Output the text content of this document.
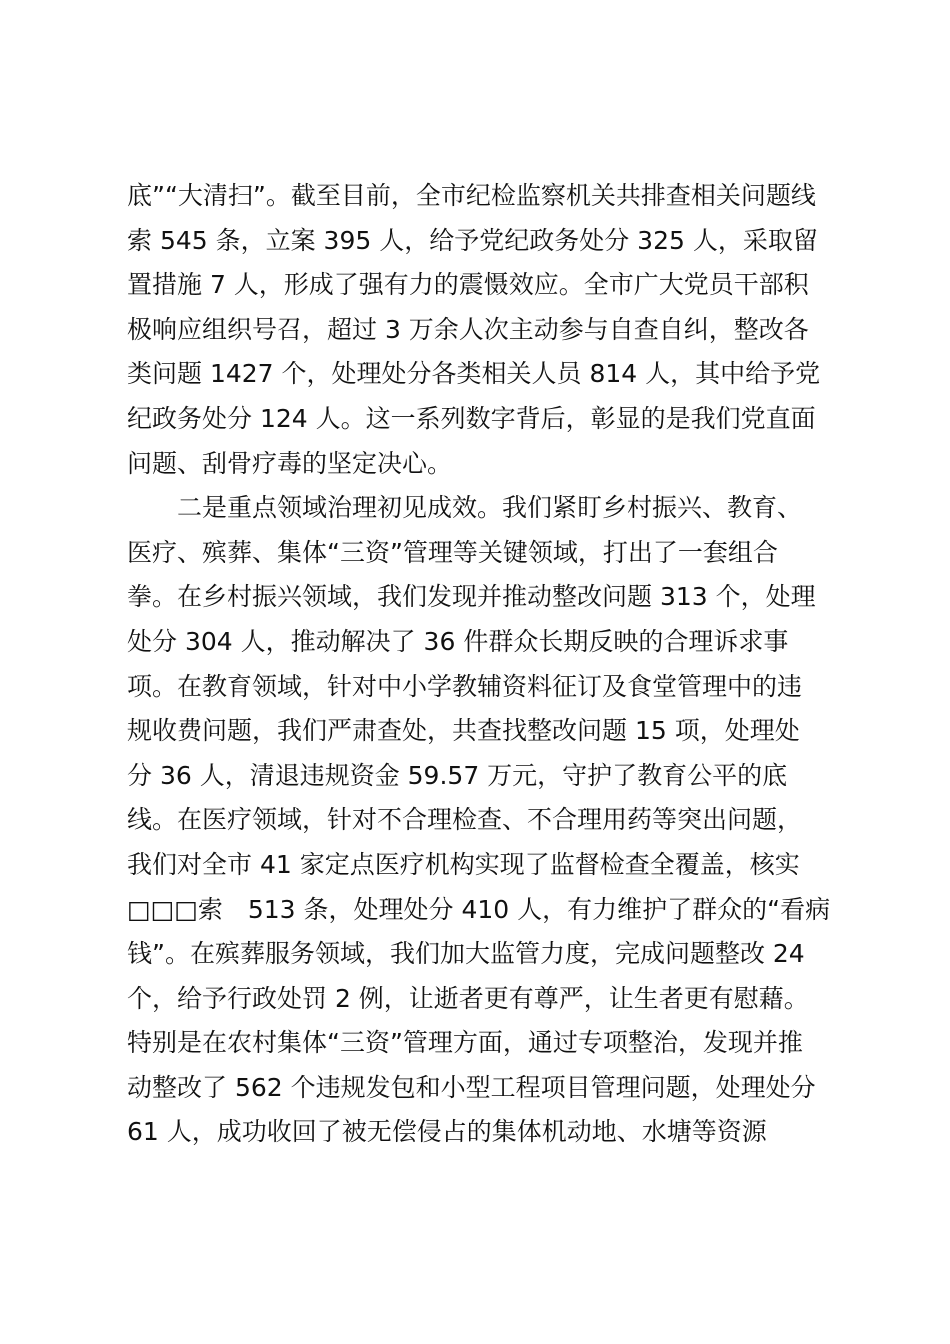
底”“大清扫”。截至目前，全市纪检监察机关共排查相关问题线
索 545 条，立案 395 人，给予党纪政务处分 325 人，采取留
置措施 7 人，形成了强有力的震慑效应。全市广大党员干部积
极响应组织号召，超过 3 万余人次主动参与自查自纠，整改各
类问题 1427 个，处理处分各类相关人员 814 人，其中给予党
纪政务处分 124 人。这一系列数字背后，彰显的是我们党直面
问题、刮骨疗毒的坚定决心。
二是重点领域治理初见成效。我们紧盯乡村振兴、教育、
医疗、殡葬、集体“三资”管理等关键领域，打出了一套组合
拳。在乡村振兴领域，我们发现并推动整改问题 313 个，处理
处分 304 人，推动解决了 36 件群众长期反映的合理诉求事
项。在教育领域，针对中小学教辅资料征订及食堂管理中的违
规收费问题，我们严肃查处，共查找整改问题 15 项，处理处
分 36 人，清退违规资金 59.57 万元，守护了教育公平的底
线。在医疗领域，针对不合理检查、不合理用药等突出问题，
我们对全市 41 家定点医疗机构实现了监督检查全覆盖，核实
□□□索　513 条，处理处分 410 人，有力维护了群众的“看病
钱”。在殡葬服务领域，我们加大监管力度，完成问题整改 24
个，给予行政处罚 2 例，让逝者更有尊严，让生者更有慰藉。
特别是在农村集体“三资”管理方面，通过专项整治，发现并推
动整改了 562 个违规发包和小型工程项目管理问题，处理处分
61 人，成功收回了被无偿侵占的集体机动地、水塘等资源
